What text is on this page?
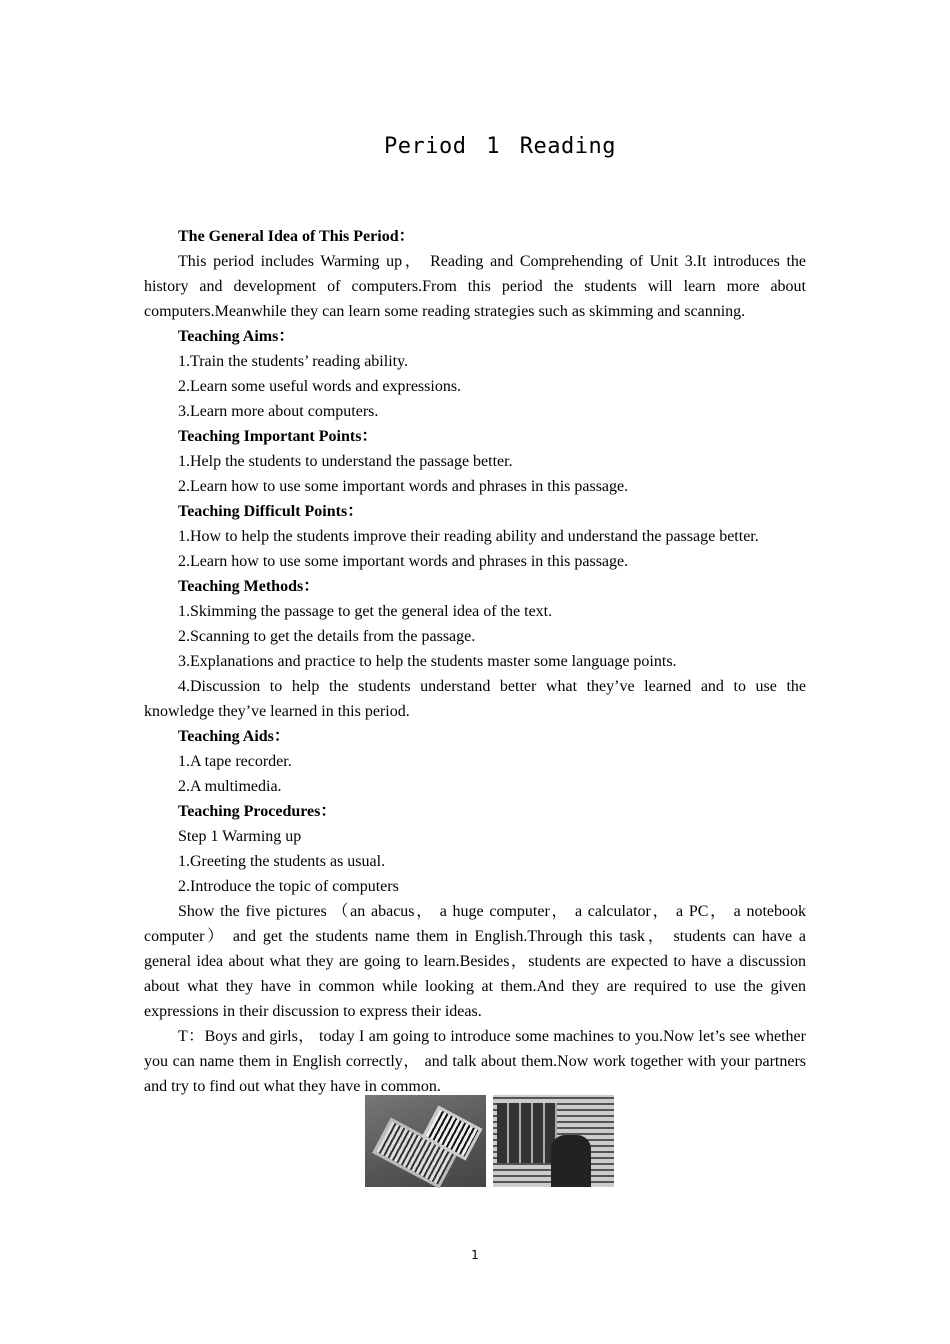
Period 1 Reading

The General Idea of This Period：

This period includes Warming up， Reading and Comprehending of Unit 3.It introduces the history and development of computers.From this period the students will learn more about computers.Meanwhile they can learn some reading strategies such as skimming and scanning.

Teaching Aims：

1.Train the students’ reading ability.

2.Learn some useful words and expressions.

3.Learn more about computers.

Teaching Important Points：

1.Help the students to understand the passage better.

2.Learn how to use some important words and phrases in this passage.

Teaching Difficult Points：

1.How to help the students improve their reading ability and understand the passage better.

2.Learn how to use some important words and phrases in this passage.

Teaching Methods：

1.Skimming the passage to get the general idea of the text.

2.Scanning to get the details from the passage.

3.Explanations and practice to help the students master some language points.

4.Discussion to help the students understand better what they’ve learned and to use the knowledge they’ve learned in this period.

Teaching Aids：

1.A tape recorder.

2.A multimedia.

Teaching Procedures：

Step 1 Warming up

1.Greeting the students as usual.

2.Introduce the topic of computers

Show the five pictures （an abacus， a huge computer， a calculator， a PC， a notebook computer） and get the students name them in English.Through this task， students can have a general idea about what they are going to learn.Besides，students are expected to have a discussion about what they have in common while looking at them.And they are required to use the given expressions in their discussion to express their ideas.

T：Boys and girls， today I am going to introduce some machines to you.Now let’s see whether you can name them in English correctly， and talk about them.Now work together with your partners and try to find out what they have in common.

1
